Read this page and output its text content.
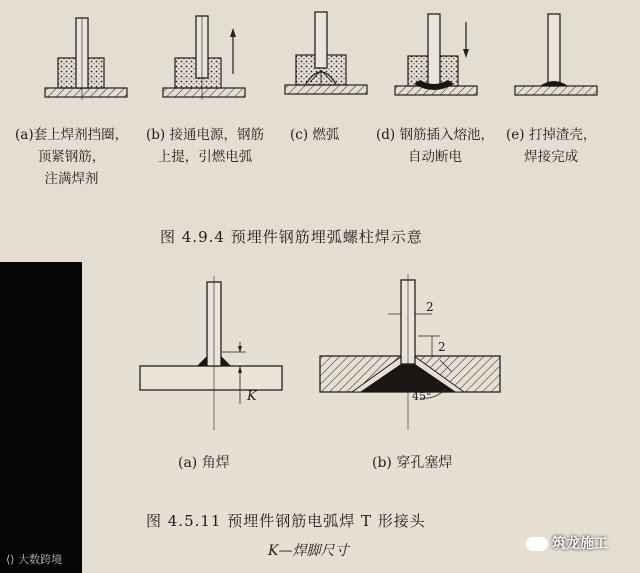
(a)套上焊剂挡圈，
顶紧钢筋，
注满焊剂
(b) 接通电源，钢筋
上提，引燃电弧
(c) 燃弧	(d) 钢筋插入熔池，
自动断电
(e) 打掉渣壳，
焊接完成
图 4.9.4 预埋件钢筋埋弧螺柱焊示意
K
2
2
45°
(a) 角焊	(b) 穿孔塞焊
图 4.5.11 预埋件钢筋电弧焊 T 形接头
K—焊脚尺寸
⟨⟩ 大数跨境
筑龙施工
